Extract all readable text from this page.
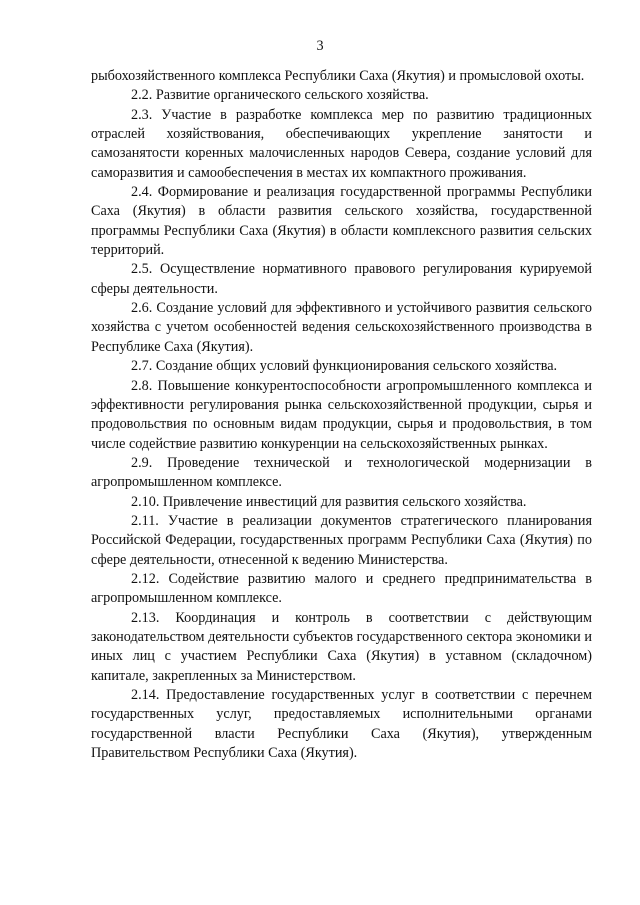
3

рыбохозяйственного комплекса Республики Саха (Якутия) и промысловой охоты.

2.2. Развитие органического сельского хозяйства.

2.3. Участие в разработке комплекса мер по развитию традиционных отраслей хозяйствования, обеспечивающих укрепление занятости и самозанятости коренных малочисленных народов Севера, создание условий для саморазвития и самообеспечения в местах их компактного проживания.

2.4. Формирование и реализация государственной программы Республики Саха (Якутия) в области развития сельского хозяйства, государственной программы Республики Саха (Якутия) в области комплексного развития сельских территорий.

2.5. Осуществление нормативного правового регулирования курируемой сферы деятельности.

2.6. Создание условий для эффективного и устойчивого развития сельского хозяйства с учетом особенностей ведения сельскохозяйственного производства в Республике Саха (Якутия).

2.7. Создание общих условий функционирования сельского хозяйства.

2.8. Повышение конкурентоспособности агропромышленного комплекса и эффективности регулирования рынка сельскохозяйственной продукции, сырья и продовольствия по основным видам продукции, сырья и продовольствия, в том числе содействие развитию конкуренции на сельскохозяйственных рынках.

2.9. Проведение технической и технологической модернизации в агропромышленном комплексе.

2.10. Привлечение инвестиций для развития сельского хозяйства.

2.11. Участие в реализации документов стратегического планирования Российской Федерации, государственных программ Республики Саха (Якутия) по сфере деятельности, отнесенной к ведению Министерства.

2.12. Содействие развитию малого и среднего предпринимательства в агропромышленном комплексе.

2.13. Координация и контроль в соответствии с действующим законодательством деятельности субъектов государственного сектора экономики и иных лиц с участием Республики Саха (Якутия) в уставном (складочном) капитале, закрепленных за Министерством.

2.14. Предоставление государственных услуг в соответствии с перечнем государственных услуг, предоставляемых исполнительными органами государственной власти Республики Саха (Якутия), утвержденным Правительством Республики Саха (Якутия).
